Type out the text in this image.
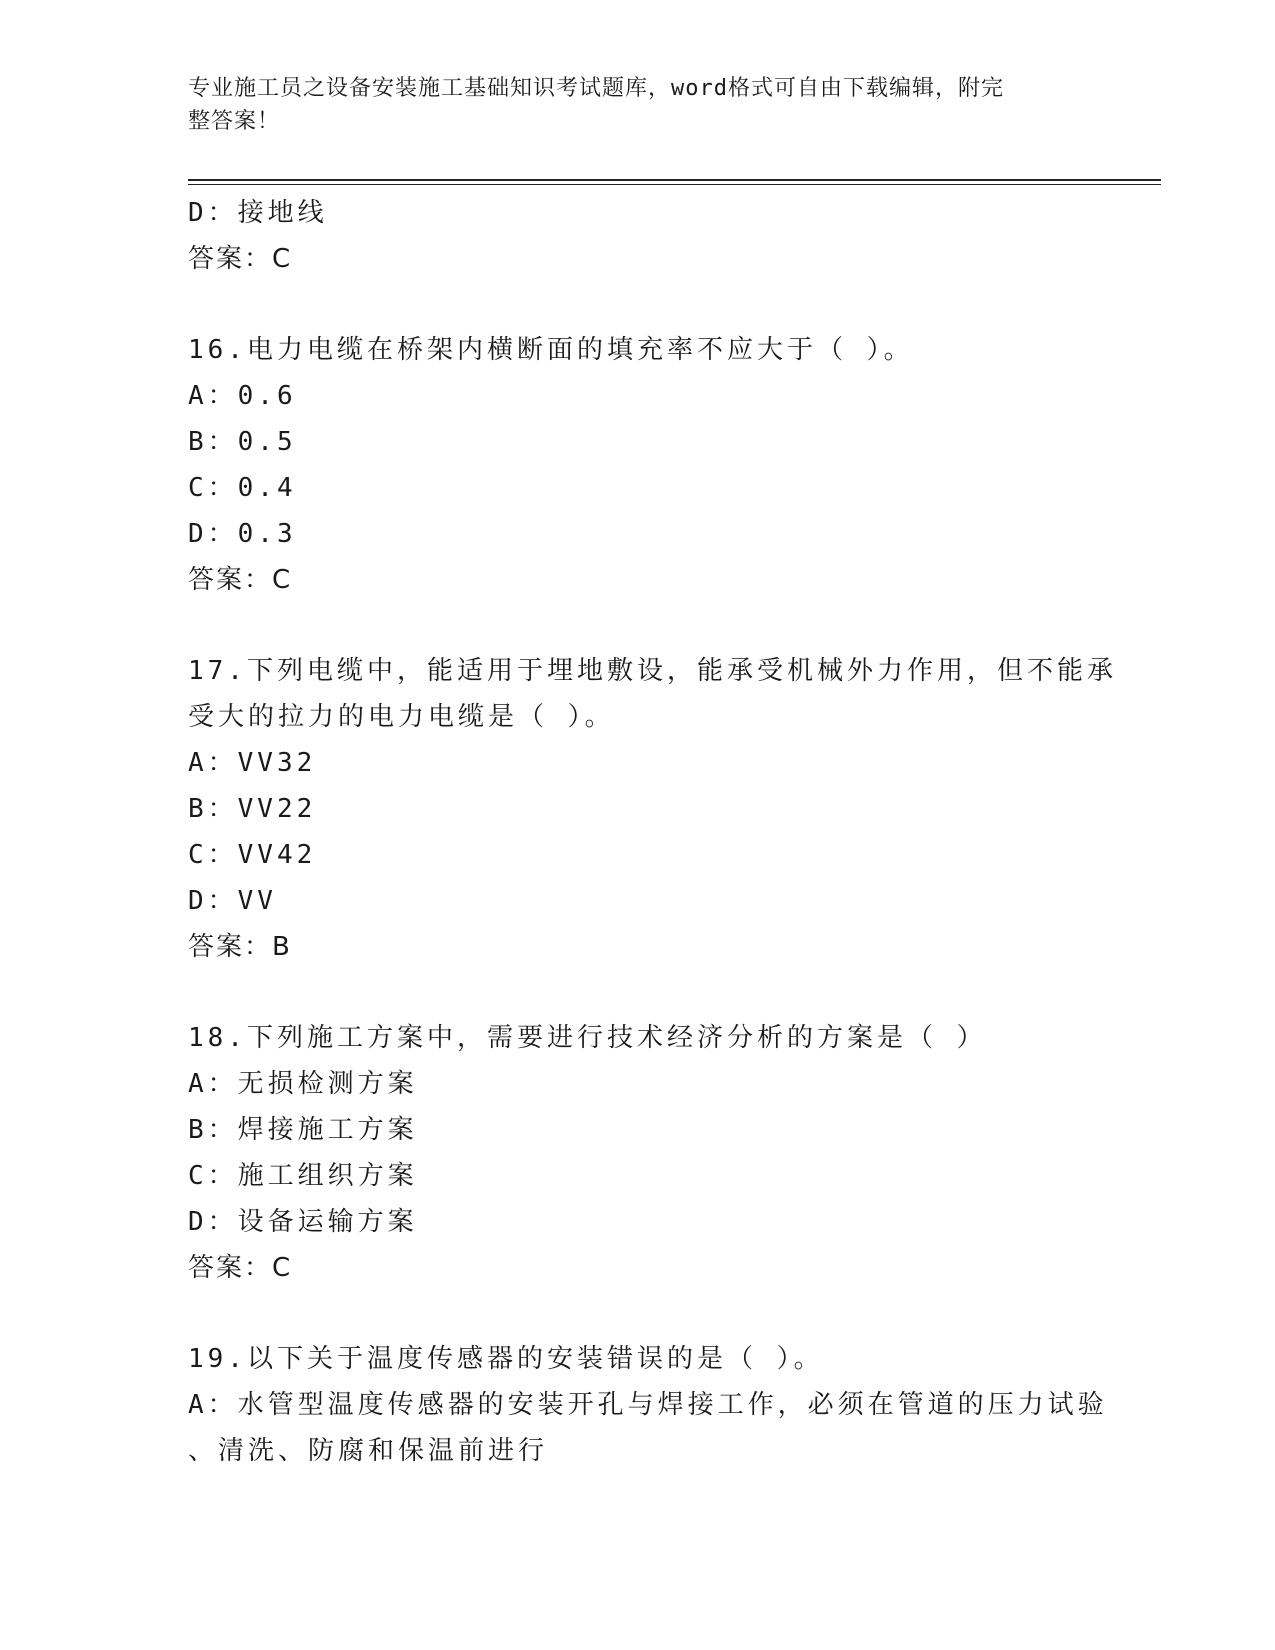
专业施工员之设备安装施工基础知识考试题库，word格式可自由下载编辑，附完
整答案！
D：接地线
答案：C
16.电力电缆在桥架内横断面的填充率不应大于（ ）。
A：0.6
B：0.5
C：0.4
D：0.3
答案：C
17.下列电缆中，能适用于埋地敷设，能承受机械外力作用，但不能承
受大的拉力的电力电缆是（ ）。
A：VV32
B：VV22
C：VV42
D：VV
答案：B
18.下列施工方案中，需要进行技术经济分析的方案是（ ）
A：无损检测方案
B：焊接施工方案
C：施工组织方案
D：设备运输方案
答案：C
19.以下关于温度传感器的安装错误的是（ ）。
A：水管型温度传感器的安装开孔与焊接工作，必须在管道的压力试验
、清洗、防腐和保温前进行
